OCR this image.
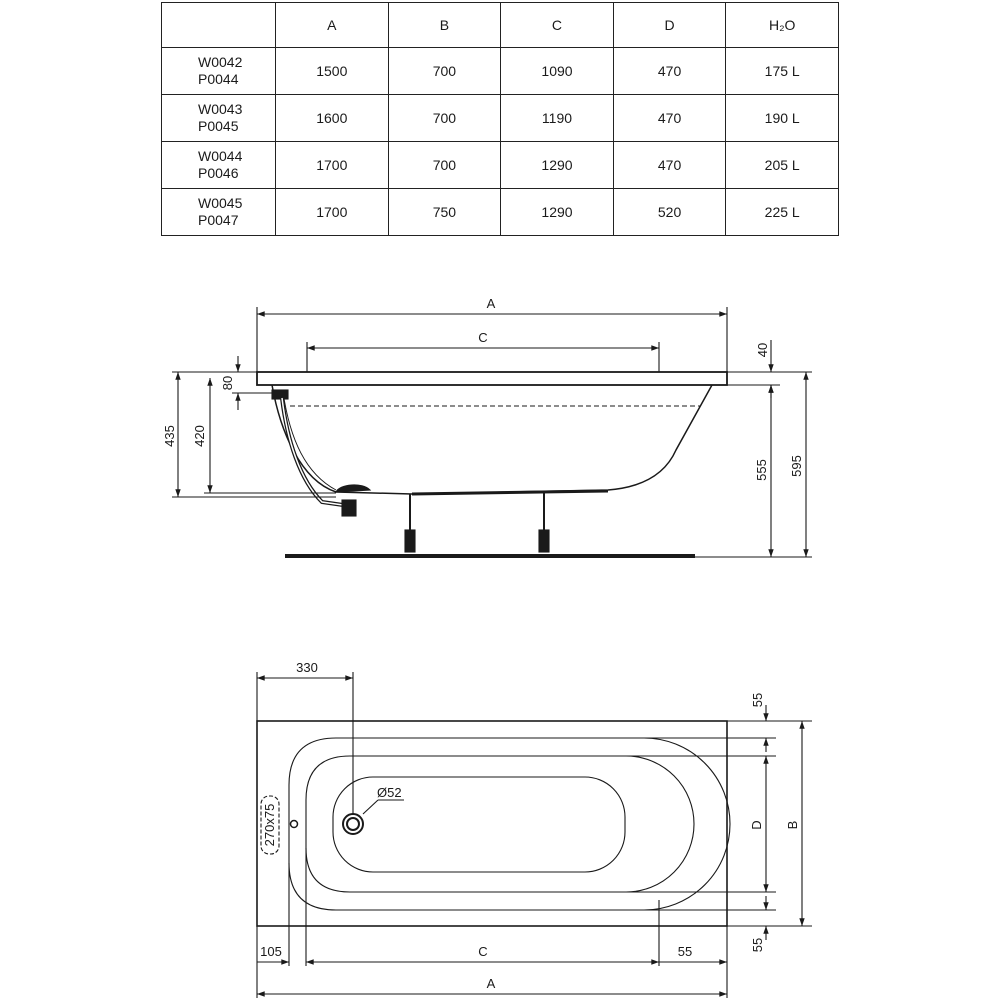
	A	B	C	D	H₂O
W0042
P0044	1500	700	1090	470	175 L
W0043
P0045	1600	700	1190	470	190 L
W0044
P0046	1700	700	1290	470	205 L
W0045
P0047	1700	750	1290	520	225 L
A
C
40
80
435 420
555 595
330
55
D B
55
Ø52
270x75
105	C	55
A
